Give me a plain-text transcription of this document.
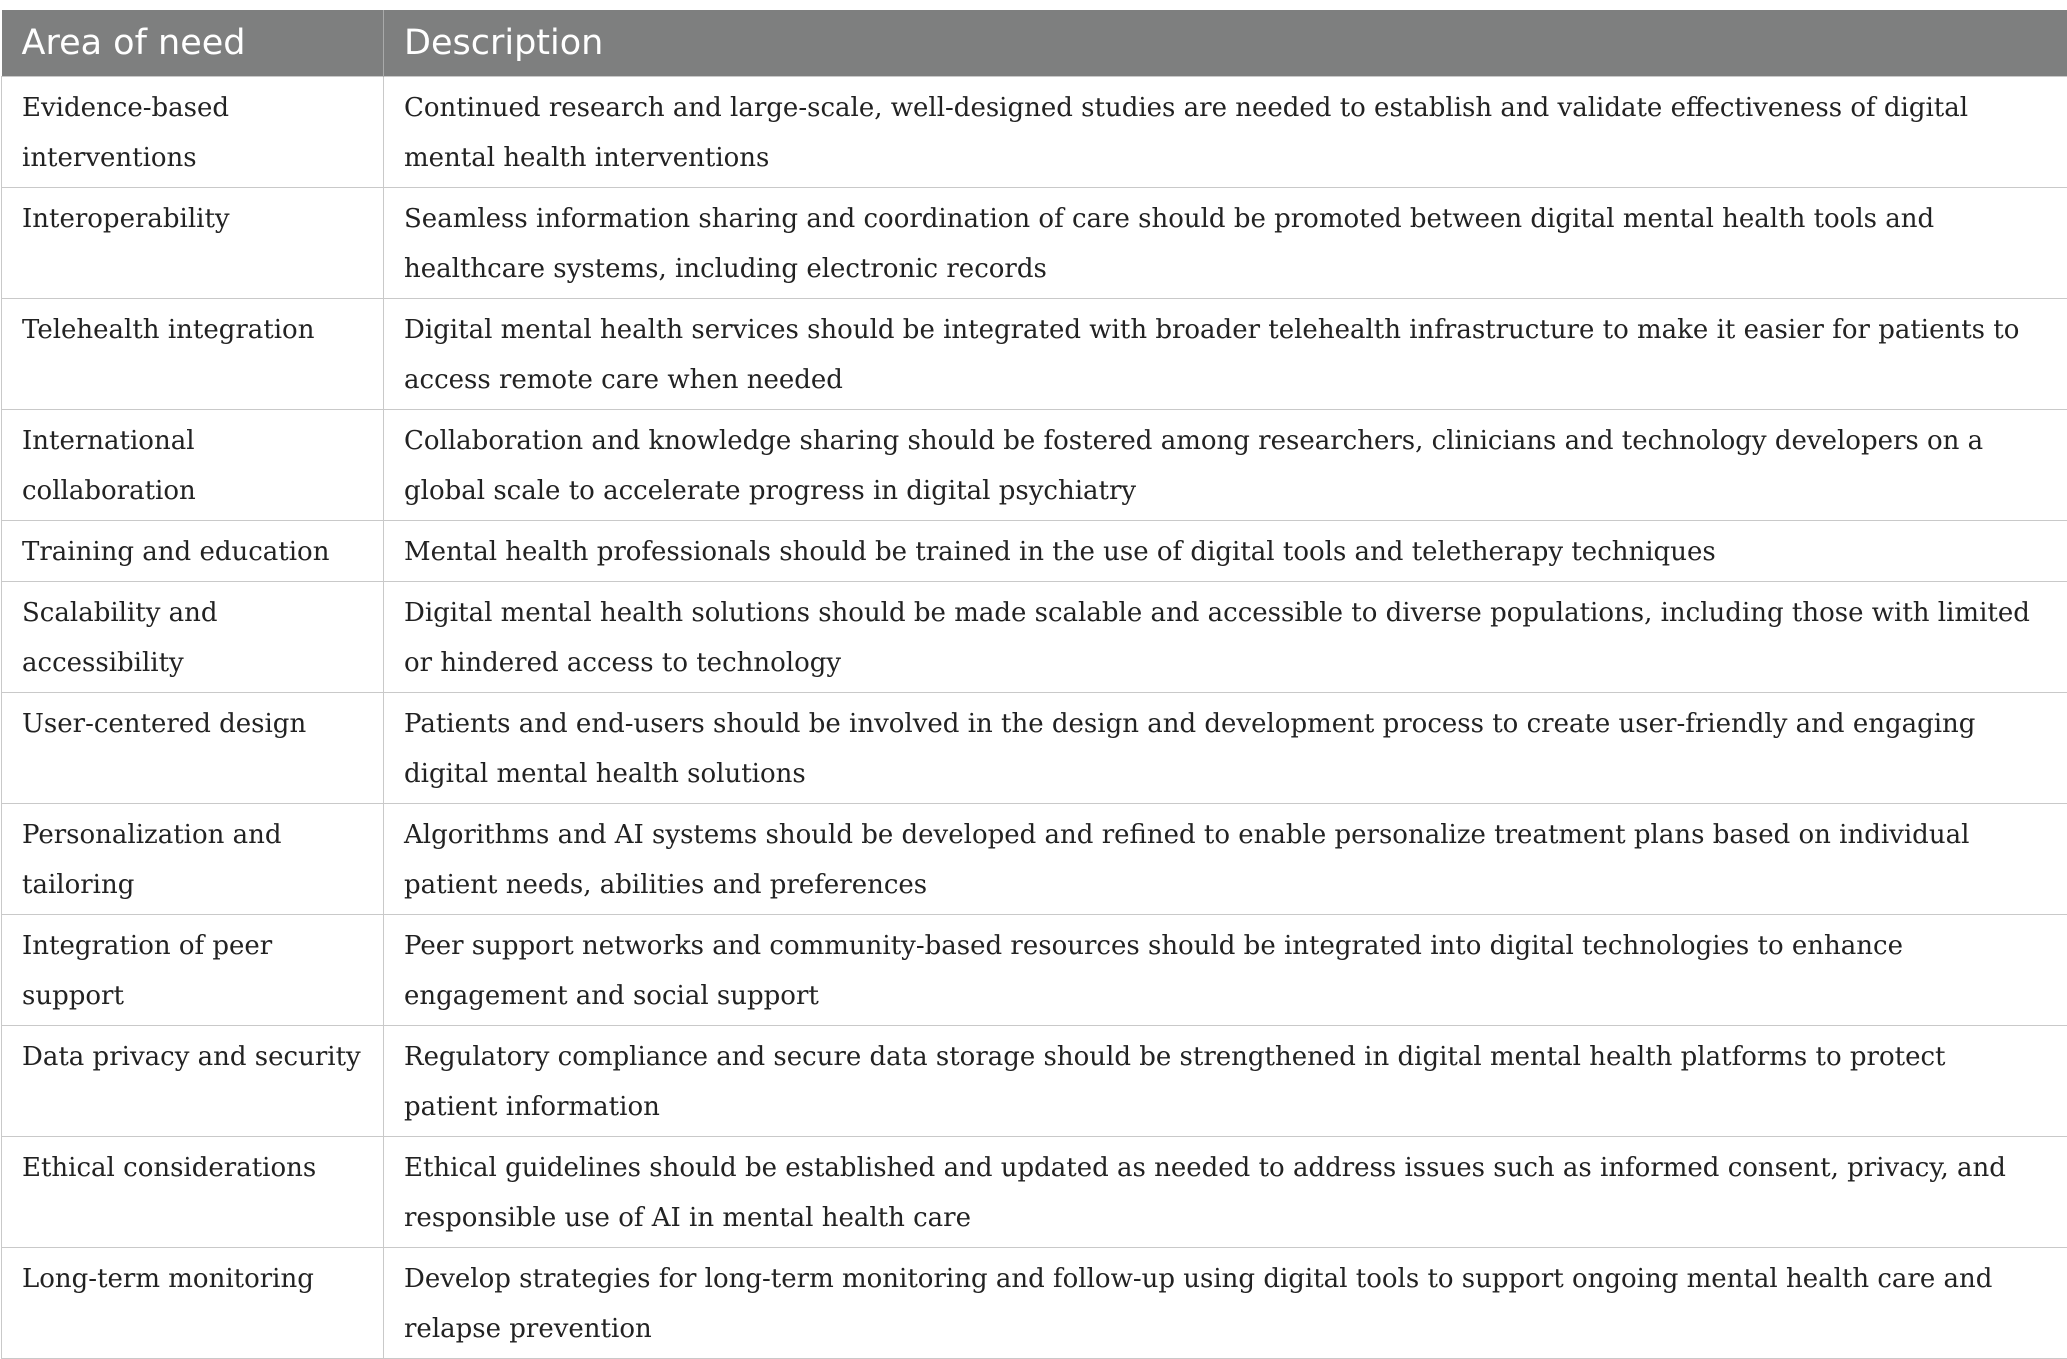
Area of need	Description
Evidence-based interventions	Continued research and large-scale, well-designed studies are needed to establish and validate effectiveness of digital mental health interventions
Interoperability	Seamless information sharing and coordination of care should be promoted between digital mental health tools and healthcare systems, including electronic records
Telehealth integration	Digital mental health services should be integrated with broader telehealth infrastructure to make it easier for patients to access remote care when needed
International collaboration	Collaboration and knowledge sharing should be fostered among researchers, clinicians and technology developers on a global scale to accelerate progress in digital psychiatry
Training and education	Mental health professionals should be trained in the use of digital tools and teletherapy techniques
Scalability and accessibility	Digital mental health solutions should be made scalable and accessible to diverse populations, including those with limited or hindered access to technology
User-centered design	Patients and end-users should be involved in the design and development process to create user-friendly and engaging digital mental health solutions
Personalization and tailoring	Algorithms and AI systems should be developed and refined to enable personalize treatment plans based on individual patient needs, abilities and preferences
Integration of peer support	Peer support networks and community-based resources should be integrated into digital technologies to enhance engagement and social support
Data privacy and security	Regulatory compliance and secure data storage should be strengthened in digital mental health platforms to protect patient information
Ethical considerations	Ethical guidelines should be established and updated as needed to address issues such as informed consent, privacy, and responsible use of AI in mental health care
Long-term monitoring	Develop strategies for long-term monitoring and follow-up using digital tools to support ongoing mental health care and relapse prevention
